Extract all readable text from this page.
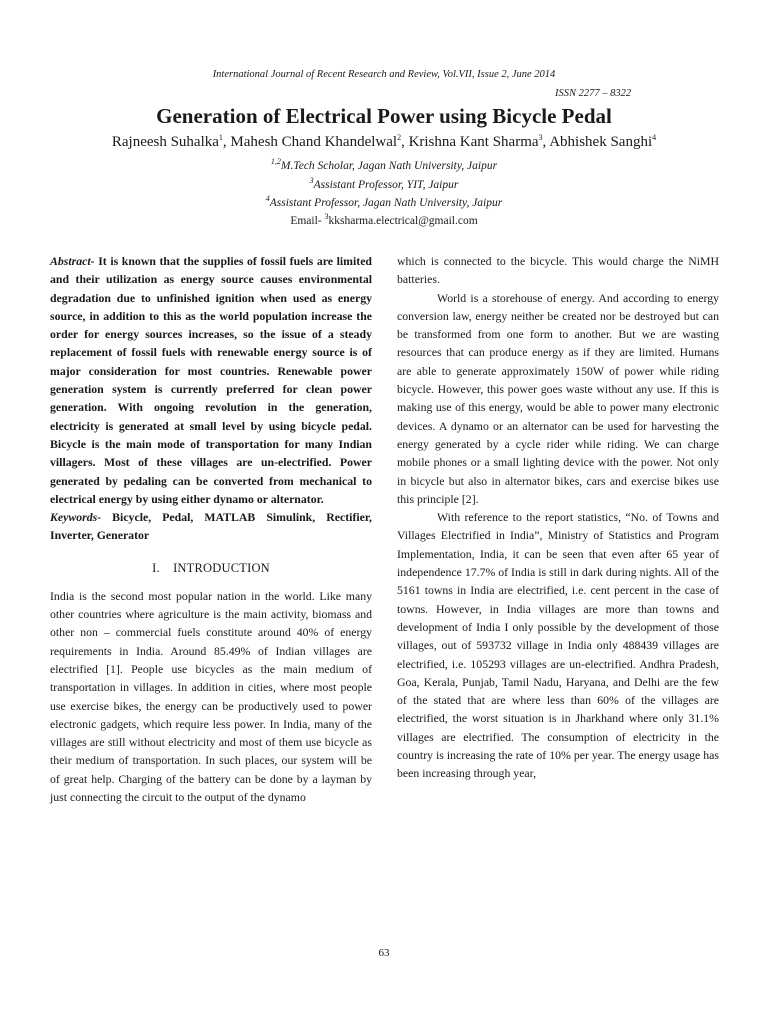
International Journal of Recent Research and Review, Vol.VII, Issue 2, June 2014
ISSN 2277 – 8322
Generation of Electrical Power using Bicycle Pedal
Rajneesh Suhalka$^1$, Mahesh Chand Khandelwal$^2$, Krishna Kant Sharma$^3$, Abhishek Sanghi$^4$
$^{1,2}$M.Tech Scholar, Jagan Nath University, Jaipur
$^3$Assistant Professor, YIT, Jaipur
$^4$Assistant Professor, Jagan Nath University, Jaipur
Email- $^3$kksharma.electrical@gmail.com

Abstract- It is known that the supplies of fossil fuels are limited and their utilization as energy source causes environmental degradation due to unfinished ignition when used as energy source, in addition to this as the world population increase the order for energy sources increases, so the issue of a steady replacement of fossil fuels with renewable energy source is of major consideration for most countries. Renewable power generation system is currently preferred for clean power generation. With ongoing revolution in the generation, electricity is generated at small level by using bicycle pedal. Bicycle is the main mode of transportation for many Indian villagers. Most of these villages are un-electrified. Power generated by pedaling can be converted from mechanical to electrical energy by using either dynamo or alternator.

Keywords- Bicycle, Pedal, MATLAB Simulink, Rectifier, Inverter, Generator

I.    INTRODUCTION

India is the second most popular nation in the world. Like many other countries where agriculture is the main activity, biomass and other non – commercial fuels constitute around 40% of energy requirements in India. Around 85.49% of Indian villages are electrified [1]. People use bicycles as the main medium of transportation in villages. In addition in cities, where most people use exercise bikes, the energy can be productively used to power electronic gadgets, which require less power. In India, many of the villages are still without electricity and most of them use bicycle as their medium of transportation. In such places, our system will be of great help. Charging of the battery can be done by a layman by just connecting the circuit to the output of the dynamo

which is connected to the bicycle. This would charge the NiMH batteries.

World is a storehouse of energy. And according to energy conversion law, energy neither be created nor be destroyed but can be transformed from one form to another. But we are wasting resources that can produce energy as if they are limited. Humans are able to generate approximately 150W of power while riding bicycle. However, this power goes waste without any use. If this is making use of this energy, would be able to power many electronic devices. A dynamo or an alternator can be used for harvesting the energy generated by a cycle rider while riding. We can charge mobile phones or a small lighting device with the power. Not only in bicycle but also in alternator bikes, cars and exercise bikes use this principle [2].

With reference to the report statistics, “No. of Towns and Villages Electrified in India”, Ministry of Statistics and Program Implementation, India, it can be seen that even after 65 year of independence 17.7% of India is still in dark during nights. All of the 5161 towns in India are electrified, i.e. cent percent in the case of towns. However, in India villages are more than towns and development of India I only possible by the development of those villages, out of 593732 village in India only 488439 villages are electrified, i.e. 105293 villages are un-electrified. Andhra Pradesh, Goa, Kerala, Punjab, Tamil Nadu, Haryana, and Delhi are the few of the stated that are where less than 60% of the villages are electrified, the worst situation is in Jharkhand where only 31.1% villages are electrified. The consumption of electricity in the country is increasing the rate of 10% per year. The energy usage has been increasing through year,

63
